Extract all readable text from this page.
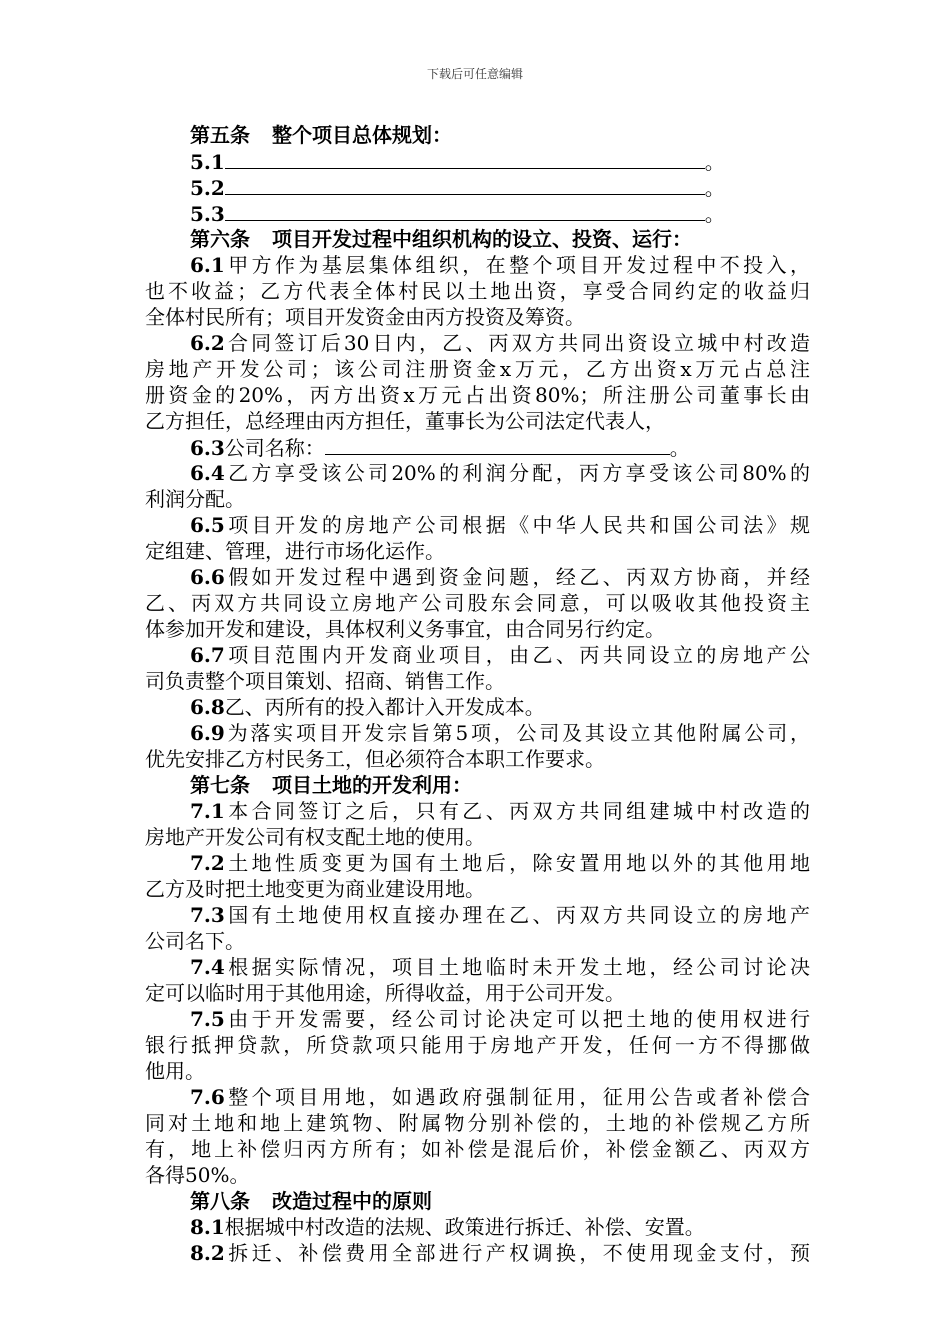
下载后可任意编辑
第五条 整个项目总体规划：
5.1	。
5.2	。
5.3	。
第六条 项目开发过程中组织机构的设立、投资、运行：
6.1甲方作为基层集体组织，在整个项目开发过程中不投入，
也不收益；乙方代表全体村民以土地出资，享受合同约定的收益归
全体村民所有；项目开发资金由丙方投资及筹资。
6.2合同签订后30日内，乙、丙双方共同出资设立城中村改造
房地产开发公司；该公司注册资金x万元，乙方出资x万元占总注
册资金的20%，丙方出资x万元占出资80%；所注册公司董事长由
乙方担任，总经理由丙方担任，董事长为公司法定代表人，
6.3公司名称：	。
6.4乙方享受该公司20%的利润分配，丙方享受该公司80%的
利润分配。
6.5项目开发的房地产公司根据《中华人民共和国公司法》规
定组建、管理，进行市场化运作。
6.6假如开发过程中遇到资金问题，经乙、丙双方协商，并经
乙、丙双方共同设立房地产公司股东会同意，可以吸收其他投资主
体参加开发和建设，具体权利义务事宜，由合同另行约定。
6.7项目范围内开发商业项目，由乙、丙共同设立的房地产公
司负责整个项目策划、招商、销售工作。
6.8乙、丙所有的投入都计入开发成本。
6.9为落实项目开发宗旨第5项，公司及其设立其他附属公司，
优先安排乙方村民务工，但必须符合本职工作要求。
第七条 项目土地的开发利用：
7.1本合同签订之后，只有乙、丙双方共同组建城中村改造的
房地产开发公司有权支配土地的使用。
7.2土地性质变更为国有土地后，除安置用地以外的其他用地
乙方及时把土地变更为商业建设用地。
7.3国有土地使用权直接办理在乙、丙双方共同设立的房地产
公司名下。
7.4根据实际情况，项目土地临时未开发土地，经公司讨论决
定可以临时用于其他用途，所得收益，用于公司开发。
7.5由于开发需要，经公司讨论决定可以把土地的使用权进行
银行抵押贷款，所贷款项只能用于房地产开发，任何一方不得挪做
他用。
7.6整个项目用地，如遇政府强制征用，征用公告或者补偿合
同对土地和地上建筑物、附属物分别补偿的，土地的补偿规乙方所
有，地上补偿归丙方所有；如补偿是混后价，补偿金额乙、丙双方
各得50%。
第八条 改造过程中的原则
8.1根据城中村改造的法规、政策进行拆迁、补偿、安置。
8.2拆迁、补偿费用全部进行产权调换，不使用现金支付，预
